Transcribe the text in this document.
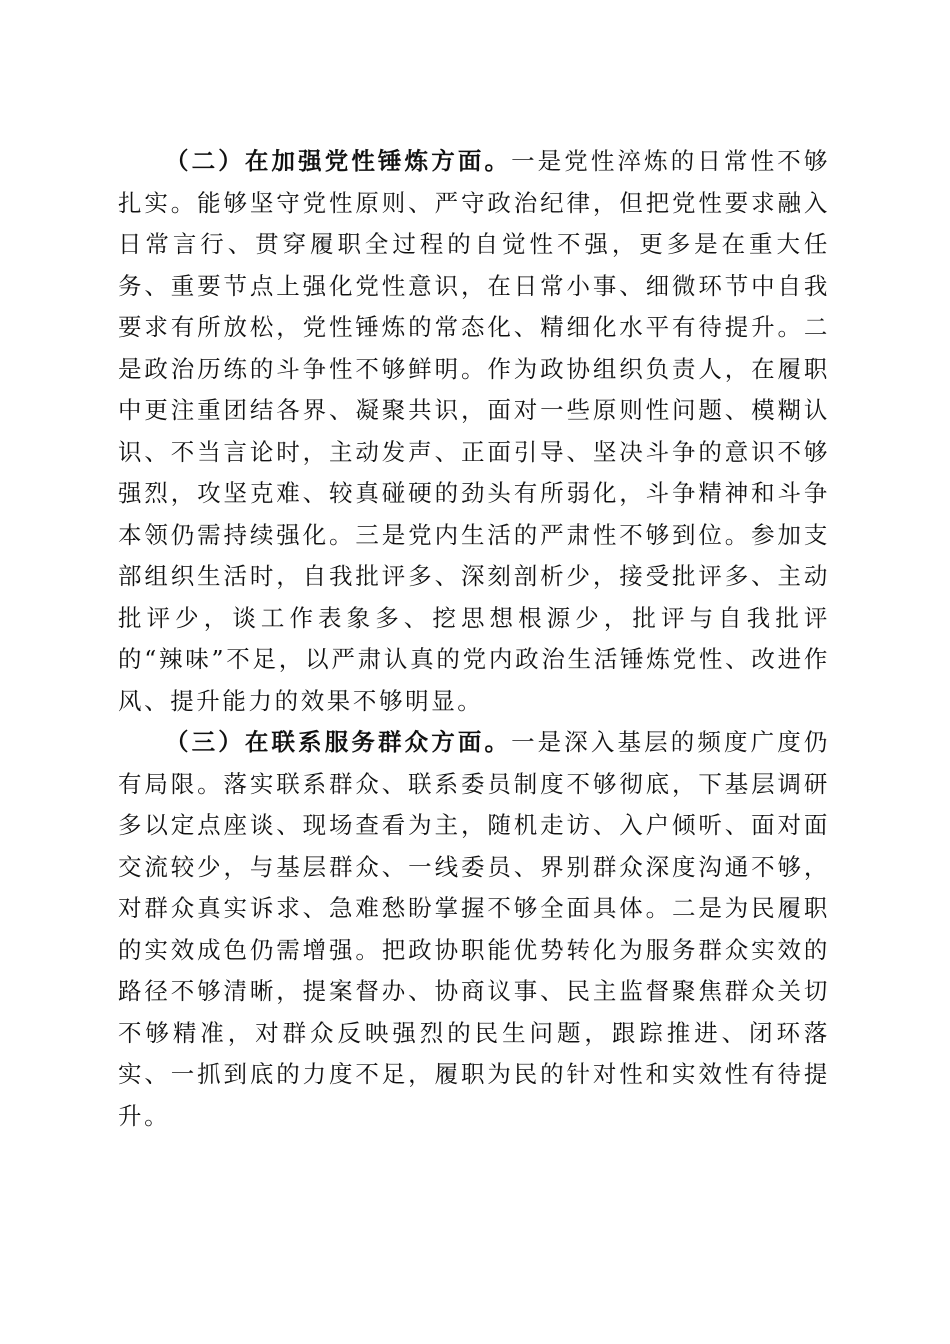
（二）在加强党性锤炼方面。一是党性淬炼的日常性不够扎实。能够坚守党性原则、严守政治纪律，但把党性要求融入日常言行、贯穿履职全过程的自觉性不强，更多是在重大任务、重要节点上强化党性意识，在日常小事、细微环节中自我要求有所放松，党性锤炼的常态化、精细化水平有待提升。二是政治历练的斗争性不够鲜明。作为政协组织负责人，在履职中更注重团结各界、凝聚共识，面对一些原则性问题、模糊认识、不当言论时，主动发声、正面引导、坚决斗争的意识不够强烈，攻坚克难、较真碰硬的劲头有所弱化，斗争精神和斗争本领仍需持续强化。三是党内生活的严肃性不够到位。参加支部组织生活时，自我批评多、深刻剖析少，接受批评多、主动批评少，谈工作表象多、挖思想根源少，批评与自我批评的“辣味”不足，以严肃认真的党内政治生活锤炼党性、改进作风、提升能力的效果不够明显。

（三）在联系服务群众方面。一是深入基层的频度广度仍有局限。落实联系群众、联系委员制度不够彻底，下基层调研多以定点座谈、现场查看为主，随机走访、入户倾听、面对面交流较少，与基层群众、一线委员、界别群众深度沟通不够，对群众真实诉求、急难愁盼掌握不够全面具体。二是为民履职的实效成色仍需增强。把政协职能优势转化为服务群众实效的路径不够清晰，提案督办、协商议事、民主监督聚焦群众关切不够精准，对群众反映强烈的民生问题，跟踪推进、闭环落实、一抓到底的力度不足，履职为民的针对性和实效性有待提升。
